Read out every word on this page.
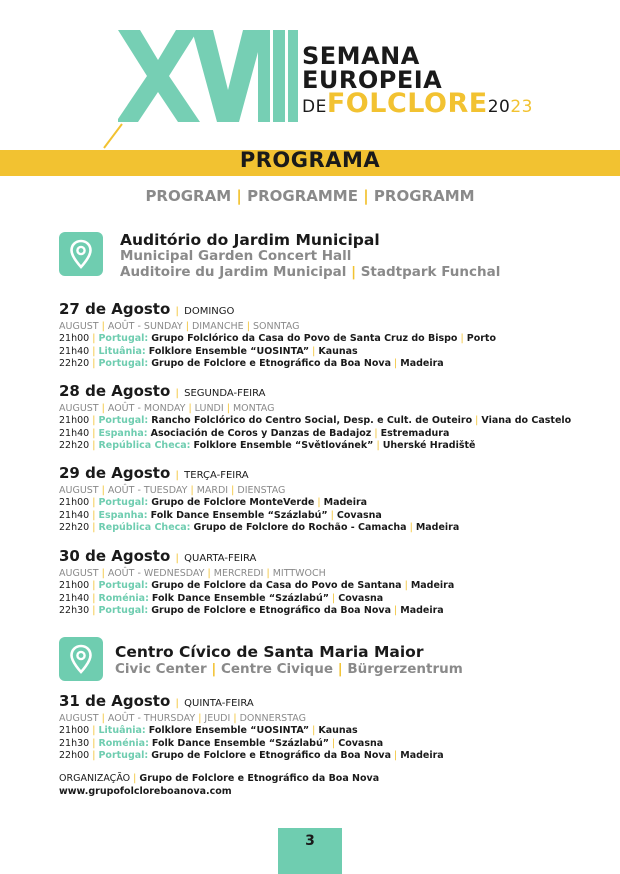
SEMANA
EUROPEIA
DEFOLCLORE2023
PROGRAMA
PROGRAM | PROGRAMME | PROGRAMM
Auditório do Jardim Municipal
Municipal Garden Concert Hall
Auditoire du Jardim Municipal | Stadtpark Funchal
27 de Agosto | DOMINGO
AUGUST | AOÛT - SUNDAY | DIMANCHE | SONNTAG
21h00 | Portugal: Grupo Folclórico da Casa do Povo de Santa Cruz do Bispo | Porto
21h40 | Lituânia: Folklore Ensemble “UOSINTA” | Kaunas
22h20 | Portugal: Grupo de Folclore e Etnográfico da Boa Nova | Madeira
28 de Agosto | SEGUNDA-FEIRA
AUGUST | AOÛT - MONDAY | LUNDI | MONTAG
21h00 | Portugal: Rancho Folclórico do Centro Social, Desp. e Cult. de Outeiro | Viana do Castelo
21h40 | Espanha: Asociación de Coros y Danzas de Badajoz | Estremadura
22h20 | República Checa: Folklore Ensemble “Světlovánek” | Uherské Hradiště
29 de Agosto | TERÇA-FEIRA
AUGUST | AOÛT - TUESDAY | MARDI | DIENSTAG
21h00 | Portugal: Grupo de Folclore MonteVerde | Madeira
21h40 | Espanha: Folk Dance Ensemble “Százlabú” | Covasna
22h20 | República Checa: Grupo de Folclore do Rochão - Camacha | Madeira
30 de Agosto | QUARTA-FEIRA
AUGUST | AOÛT - WEDNESDAY | MERCREDI | MITTWOCH
21h00 | Portugal: Grupo de Folclore da Casa do Povo de Santana | Madeira
21h40 | Roménia: Folk Dance Ensemble “Százlabú” | Covasna
22h30 | Portugal: Grupo de Folclore e Etnográfico da Boa Nova | Madeira
Centro Cívico de Santa Maria Maior
Civic Center | Centre Civique | Bürgerzentrum
31 de Agosto | QUINTA-FEIRA
AUGUST | AOÛT - THURSDAY | JEUDI | DONNERSTAG
21h00 | Lituânia: Folklore Ensemble “UOSINTA” | Kaunas
21h30 | Roménia: Folk Dance Ensemble “Százlabú” | Covasna
22h00 | Portugal: Grupo de Folclore e Etnográfico da Boa Nova | Madeira
ORGANIZAÇÃO | Grupo de Folclore e Etnográfico da Boa Nova
www.grupofolcloreboanova.com
3
